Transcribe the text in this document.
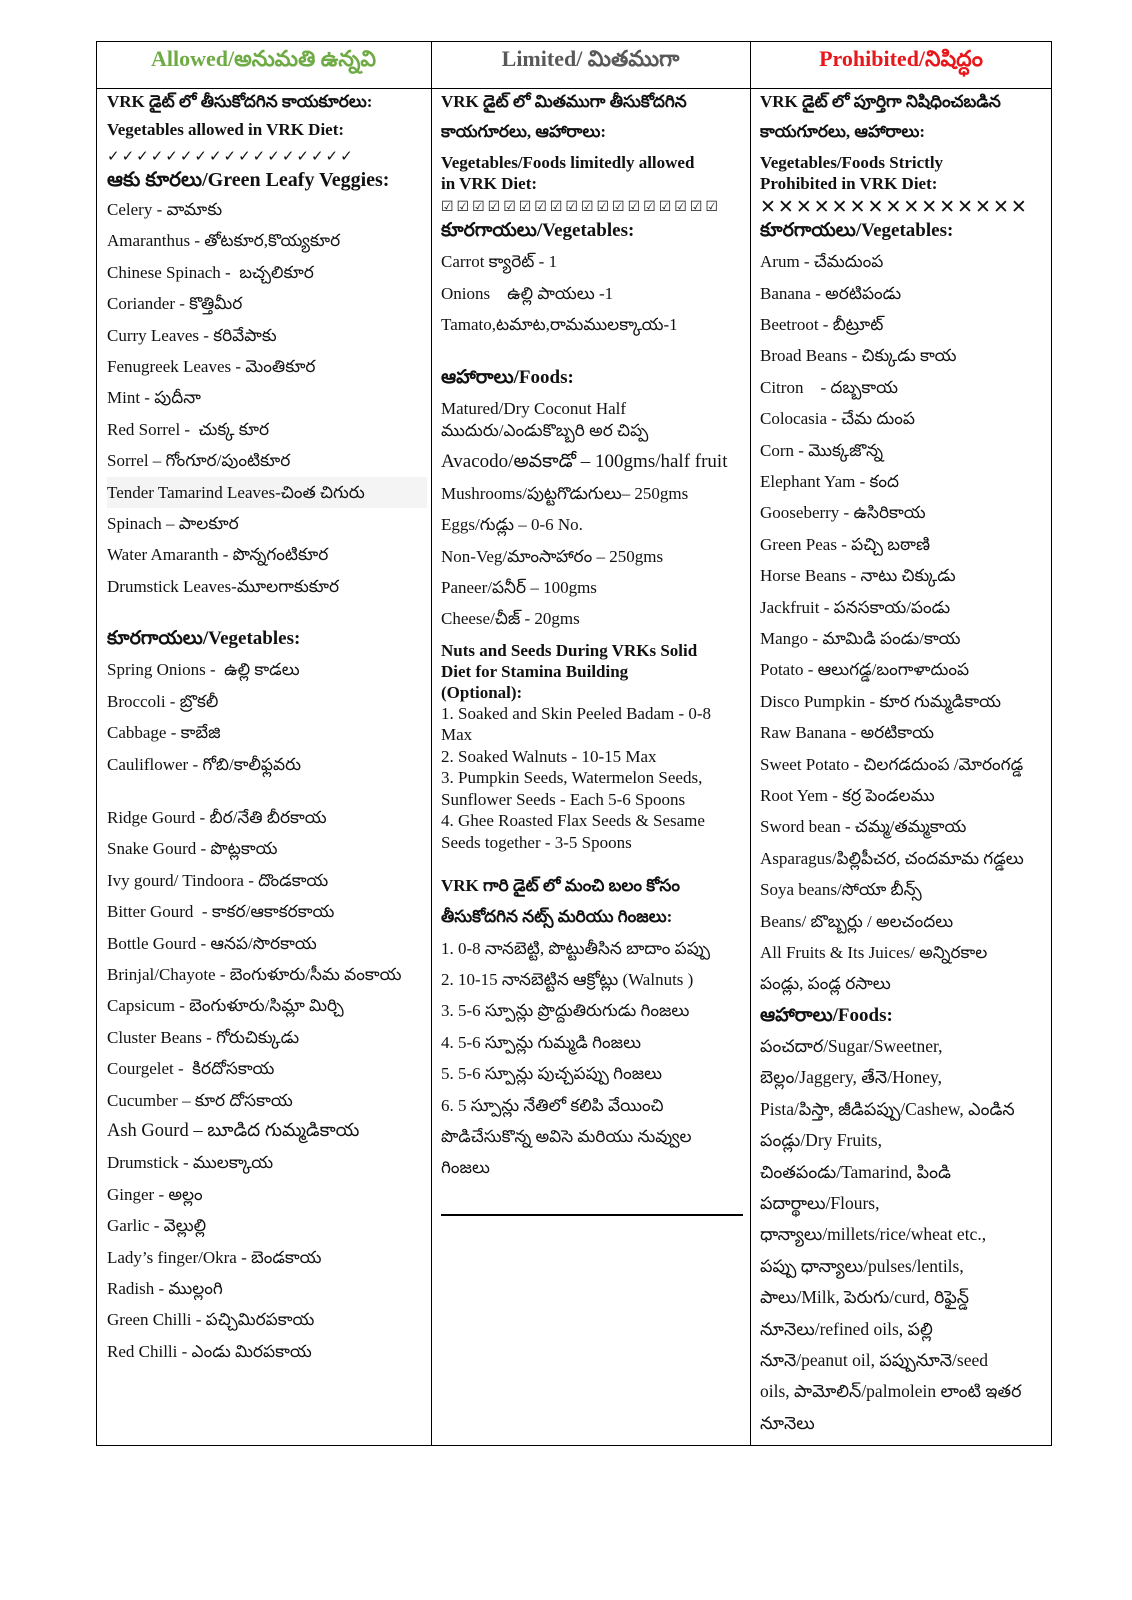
Allowed/అనుమతి ఉన్నవి	Limited/ మితముగా	Prohibited/నిషిద్ధం
VRK డైట్ లో తీసుకోదగిన కాయకూరలు:
Vegetables allowed in VRK Diet:
✓✓✓✓✓✓✓✓✓✓✓✓✓✓✓✓✓
ఆకు కూరలు/Green Leafy Veggies:
Celery - వామాకు
Amaranthus - తోటకూర,కొయ్యకూర
Chinese Spinach -  బచ్చలికూర
Coriander - కొత్తిమీర
Curry Leaves - కరివేపాకు
Fenugreek Leaves - మెంతికూర
Mint - పుదీనా
Red Sorrel -  చుక్క కూర
Sorrel – గోంగూర/పుంటికూర
Tender Tamarind Leaves-చింత చిగురు
Spinach – పాలకూర
Water Amaranth - పొన్నగంటికూర
Drumstick Leaves-మూలగాకుకూర
కూరగాయలు/Vegetables:
Spring Onions -  ఉల్లి కాడలు
Broccoli - బ్రొకలీ
Cabbage - కాబేజి
Cauliflower - గోబి/కాలీఫ్లవరు
Ridge Gourd - బీర/నేతి బీరకాయ
Snake Gourd - పొట్లకాయ
Ivy gourd/ Tindoora - దొండకాయ
Bitter Gourd  - కాకర/ఆకాకరకాయ
Bottle Gourd - ఆనప/సొరకాయ
Brinjal/Chayote - బెంగుళూరు/సీమ వంకాయ
Capsicum - బెంగుళూరు/సిమ్లా మిర్చి
Cluster Beans - గోరుచిక్కుడు
Courgelet -  కిరదోసకాయ
Cucumber – కూర దోసకాయ
Ash Gourd – బూడిద గుమ్మడికాయ
Drumstick - ములక్కాయ
Ginger - అల్లం
Garlic - వెల్లుల్లి
Lady’s finger/Okra - బెండకాయ
Radish - ముల్లంగి
Green Chilli - పచ్చిమిరపకాయ
Red Chilli - ఎండు మిరపకాయ
VRK డైట్ లో మితముగా తీసుకోదగిన
కాయగూరలు, ఆహారాలు:
Vegetables/Foods limitedly allowed
in VRK Diet:
☑☑☑☑☑☑☑☑☑☑☑☑☑☑☑☑☑☑
కూరగాయలు/Vegetables:
Carrot క్యారెట్ - 1
Onions    ఉల్లి పాయలు -1
Tamato,టమాట,రామములక్కాయ-1
ఆహారాలు/Foods:
Matured/Dry Coconut Half
ముదురు/ఎండుకొబ్బరి అర చిప్ప
Avacodo/అవకాడో – 100gms/half fruit
Mushrooms/పుట్టగొడుగులు– 250gms
Eggs/గుడ్లు – 0-6 No.
Non-Veg/మాంసాహారం – 250gms
Paneer/పనీర్ – 100gms
Cheese/చీజ్ - 20gms
Nuts and Seeds During VRKs Solid
Diet for Stamina Building
(Optional):
1. Soaked and Skin Peeled Badam - 0-8
Max
2. Soaked Walnuts - 10-15 Max
3. Pumpkin Seeds, Watermelon Seeds,
Sunflower Seeds - Each 5-6 Spoons
4. Ghee Roasted Flax Seeds & Sesame
Seeds together - 3-5 Spoons
VRK గారి డైట్ లో మంచి బలం కోసం
తీసుకోదగిన నట్స్ మరియు గింజలు:
1. 0-8 నానబెట్టి, పొట్టుతీసిన బాదాం పప్పు
2. 10-15 నానబెట్టిన ఆక్రోట్లు (Walnuts )
3. 5-6 స్పూన్లు ప్రొద్దుతిరుగుడు గింజలు
4. 5-6 స్పూన్లు గుమ్మడి గింజలు
5. 5-6 స్పూన్లు పుచ్చపప్పు గింజలు
6. 5 స్పూన్లు నేతిలో కలిపి వేయించి
పొడిచేసుకొన్న అవిసె మరియు నువ్వుల
గింజలు
VRK డైట్ లో పూర్తిగా నిషిధించబడిన
కాయగూరలు, ఆహారాలు:
Vegetables/Foods Strictly
Prohibited in VRK Diet:
✕✕✕✕✕✕✕✕✕✕✕✕✕✕✕
కూరగాయలు/Vegetables:
Arum - చేమదుంప
Banana - అరటిపండు
Beetroot - బీట్రూట్
Broad Beans - చిక్కుడు కాయ
Citron    - దబ్బకాయ
Colocasia - చేమ దుంప
Corn - మొక్కజొన్న
Elephant Yam - కంద
Gooseberry - ఉసిరికాయ
Green Peas - పచ్చి బఠాణి
Horse Beans - నాటు చిక్కుడు
Jackfruit - పనసకాయ/పండు
Mango - మామిడి పండు/కాయ
Potato - ఆలుగడ్డ/బంగాళాదుంప
Disco Pumpkin - కూర గుమ్మడికాయ
Raw Banana - అరటికాయ
Sweet Potato - చిలగడదుంప /మోరంగడ్డ
Root Yem - కర్ర పెండలము
Sword bean - చమ్మ/తమ్మకాయ
Asparagus/పిల్లిపీచర, చందమామ గడ్డలు
Soya beans/సోయా బీన్స్
Beans/ బొబ్బర్లు / అలచందలు
All Fruits & Its Juices/ అన్నిరకాల
పండ్లు, పండ్ల రసాలు
ఆహారాలు/Foods:
పంచదార/Sugar/Sweetner,
బెల్లం/Jaggery, తేనె/Honey,
Pista/పిస్తా, జీడిపప్పు/Cashew, ఎండిన
పండ్లు/Dry Fruits,
చింతపండు/Tamarind, పిండి
పదార్థాలు/Flours,
ధాన్యాలు/millets/rice/wheat etc.,
పప్పు ధాన్యాలు/pulses/lentils,
పాలు/Milk, పెరుగు/curd, రిఫైన్డ్
నూనెలు/refined oils, పల్లి
నూనె/peanut oil, పప్పునూనె/seed
oils, పామోలిన్/palmolein లాంటి ఇతర
నూనెలు
